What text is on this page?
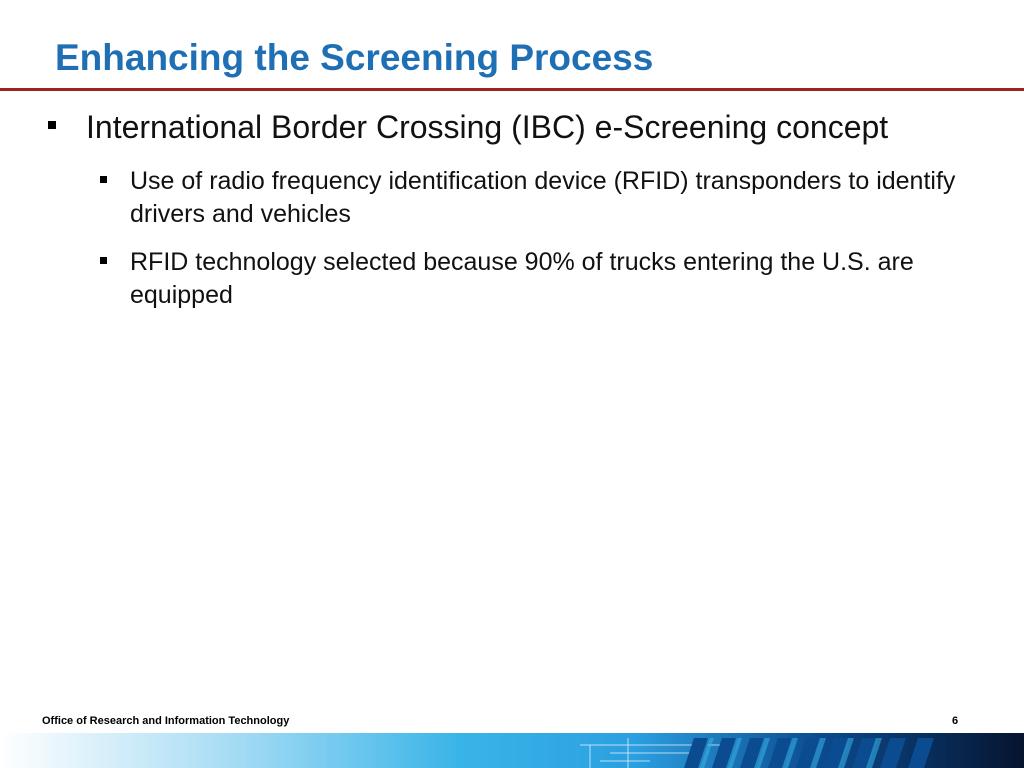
Enhancing the Screening Process
International Border Crossing (IBC) e-Screening concept
Use of radio frequency identification device (RFID) transponders to identify drivers and vehicles
RFID technology selected because 90% of trucks entering the U.S. are equipped
Office of Research and Information Technology	6
